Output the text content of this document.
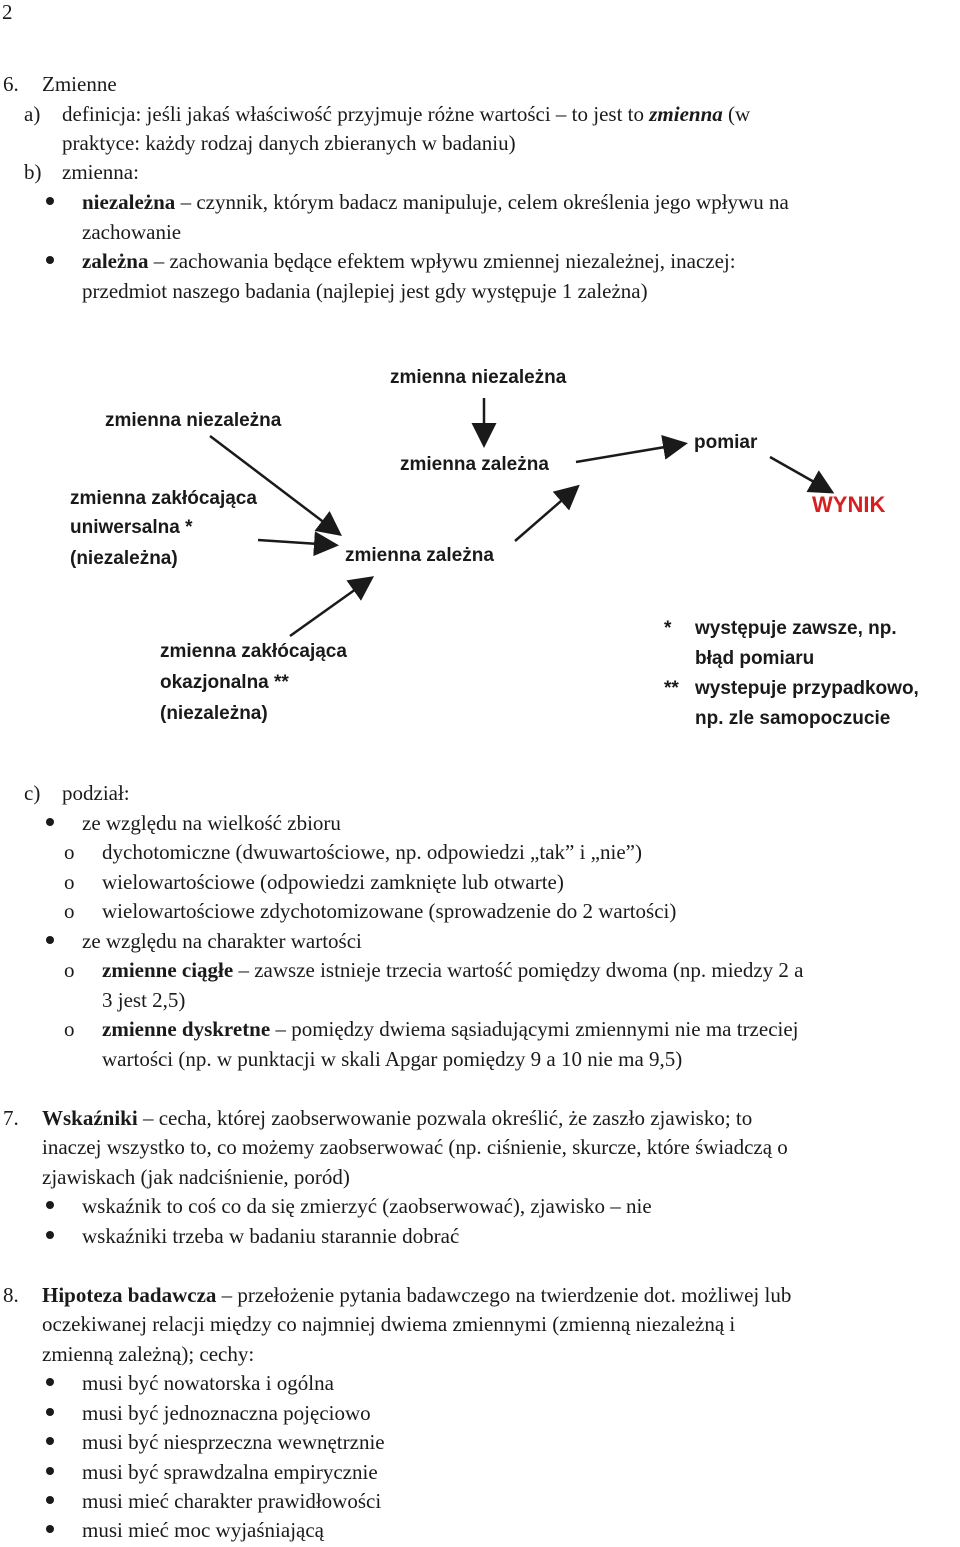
2
6. Zmienne
a) definicja: jeśli jakaś właściwość przyjmuje różne wartości – to jest to zmienna (w
praktyce: każdy rodzaj danych zbieranych w badaniu)
b) zmienna:
niezależna – czynnik, którym badacz manipuluje, celem określenia jego wpływu na
zachowanie
zależna – zachowania będące efektem wpływu zmiennej niezależnej, inaczej:
przedmiot naszego badania (najlepiej jest gdy występuje 1 zależna)
zmienna niezależna
zmienna niezależna
pomiar
zmienna zależna
WYNIK
zmienna zakłócająca
uniwersalna *
(niezależna)	zmienna zależna
zmienna zakłócająca
okazjonalna **
(niezależna)
* występuje zawsze, np.
błąd pomiaru
** wystepuje przypadkowo,
np. zle samopoczucie
c) podział:
ze względu na wielkość zbioru
o dychotomiczne (dwuwartościowe, np. odpowiedzi „tak” i „nie”)
o wielowartościowe (odpowiedzi zamknięte lub otwarte)
o wielowartościowe zdychotomizowane (sprowadzenie do 2 wartości)
ze względu na charakter wartości
o zmienne ciągłe – zawsze istnieje trzecia wartość pomiędzy dwoma (np. miedzy 2 a
3 jest 2,5)
o zmienne dyskretne – pomiędzy dwiema sąsiadującymi zmiennymi nie ma trzeciej
wartości (np. w punktacji w skali Apgar pomiędzy 9 a 10 nie ma 9,5)
7. Wskaźniki – cecha, której zaobserwowanie pozwala określić, że zaszło zjawisko; to
inaczej wszystko to, co możemy zaobserwować (np. ciśnienie, skurcze, które świadczą o
zjawiskach (jak nadciśnienie, poród)
wskaźnik to coś co da się zmierzyć (zaobserwować), zjawisko – nie
wskaźniki trzeba w badaniu starannie dobrać
8. Hipoteza badawcza – przełożenie pytania badawczego na twierdzenie dot. możliwej lub
oczekiwanej relacji między co najmniej dwiema zmiennymi (zmienną niezależną i
zmienną zależną); cechy:
musi być nowatorska i ogólna
musi być jednoznaczna pojęciowo
musi być niesprzeczna wewnętrznie
musi być sprawdzalna empirycznie
musi mieć charakter prawidłowości
musi mieć moc wyjaśniającą
